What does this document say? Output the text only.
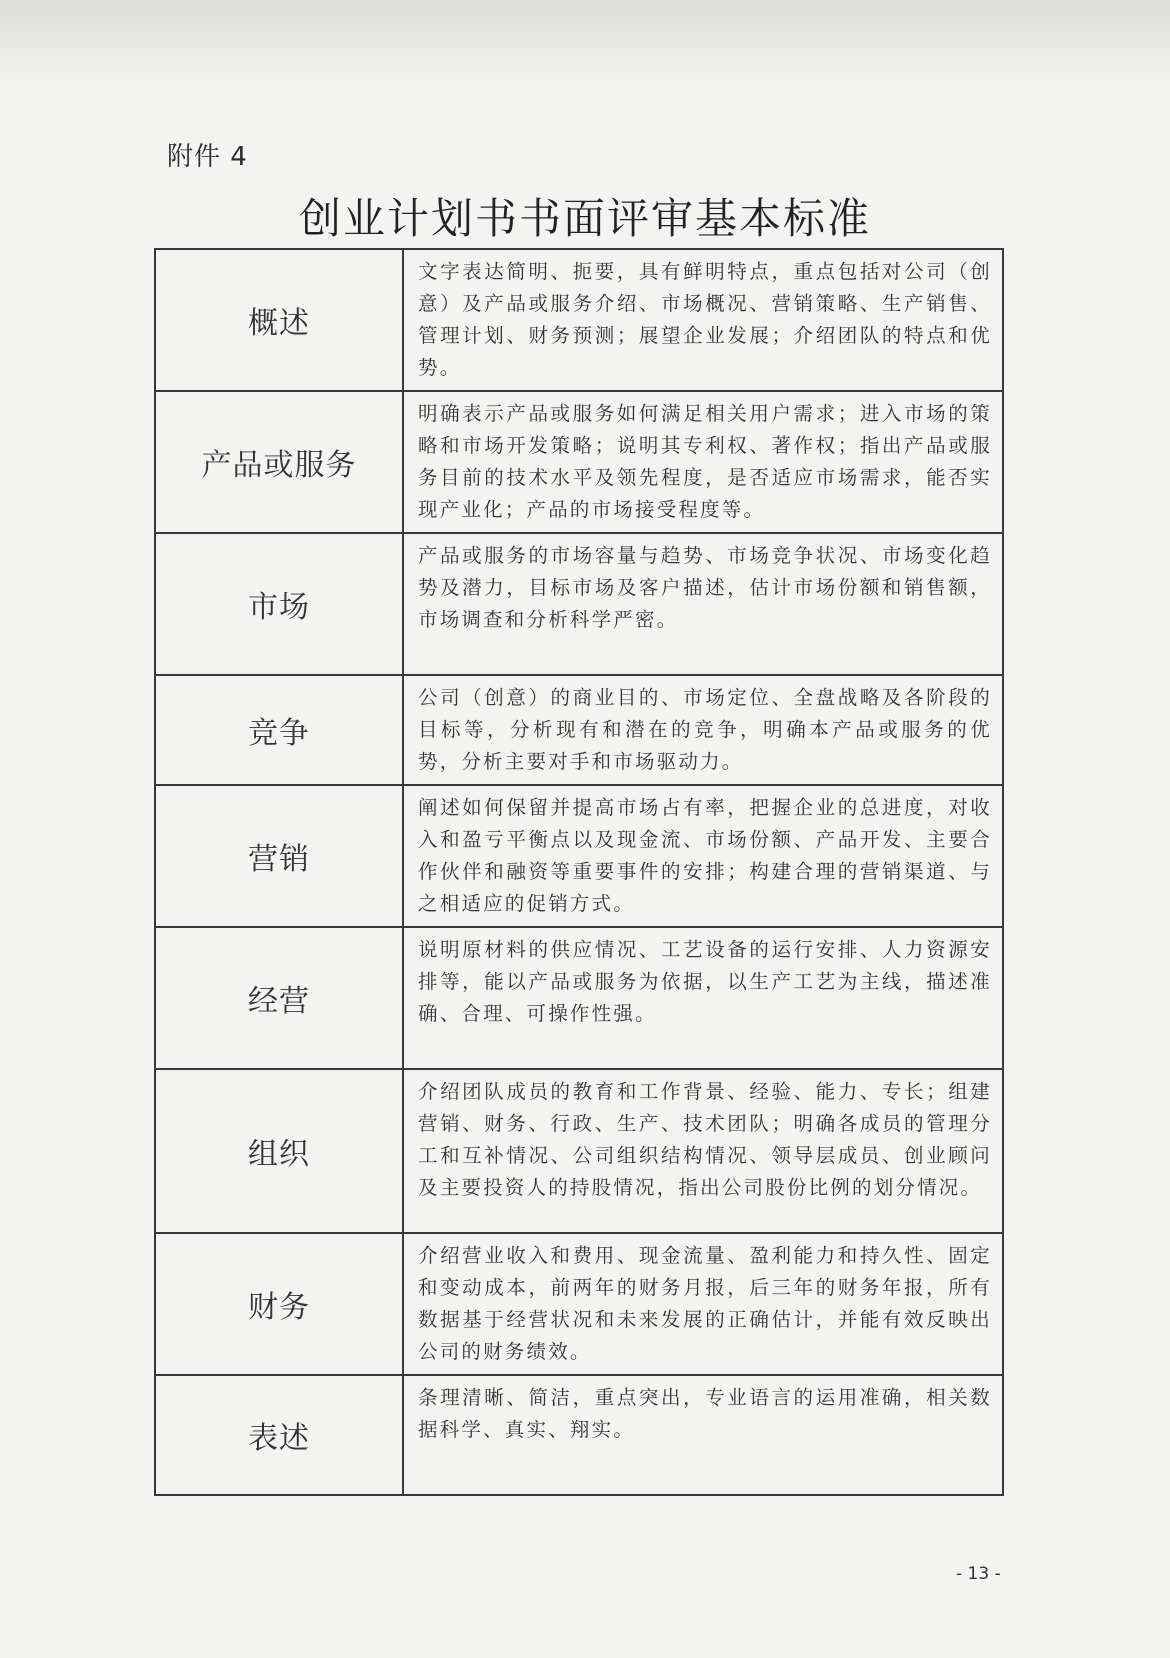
附件 4
创业计划书书面评审基本标准
概述	文字表达简明、扼要，具有鲜明特点，重点包括对公司（创意）及产品或服务介绍、市场概况、营销策略、生产销售、管理计划、财务预测；展望企业发展；介绍团队的特点和优势。
产品或服务	明确表示产品或服务如何满足相关用户需求；进入市场的策略和市场开发策略；说明其专利权、著作权；指出产品或服务目前的技术水平及领先程度，是否适应市场需求，能否实现产业化；产品的市场接受程度等。
市场	产品或服务的市场容量与趋势、市场竞争状况、市场变化趋势及潜力，目标市场及客户描述，估计市场份额和销售额，市场调查和分析科学严密。
竞争	公司（创意）的商业目的、市场定位、全盘战略及各阶段的目标等，分析现有和潜在的竞争，明确本产品或服务的优势，分析主要对手和市场驱动力。
营销	阐述如何保留并提高市场占有率，把握企业的总进度，对收入和盈亏平衡点以及现金流、市场份额、产品开发、主要合作伙伴和融资等重要事件的安排；构建合理的营销渠道、与之相适应的促销方式。
经营	说明原材料的供应情况、工艺设备的运行安排、人力资源安排等，能以产品或服务为依据，以生产工艺为主线，描述准确、合理、可操作性强。
组织	介绍团队成员的教育和工作背景、经验、能力、专长；组建营销、财务、行政、生产、技术团队；明确各成员的管理分工和互补情况、公司组织结构情况、领导层成员、创业顾问及主要投资人的持股情况，指出公司股份比例的划分情况。
财务	介绍营业收入和费用、现金流量、盈利能力和持久性、固定和变动成本，前两年的财务月报，后三年的财务年报，所有数据基于经营状况和未来发展的正确估计，并能有效反映出公司的财务绩效。
表述	条理清晰、简洁，重点突出，专业语言的运用准确，相关数据科学、真实、翔实。
- 13 -
